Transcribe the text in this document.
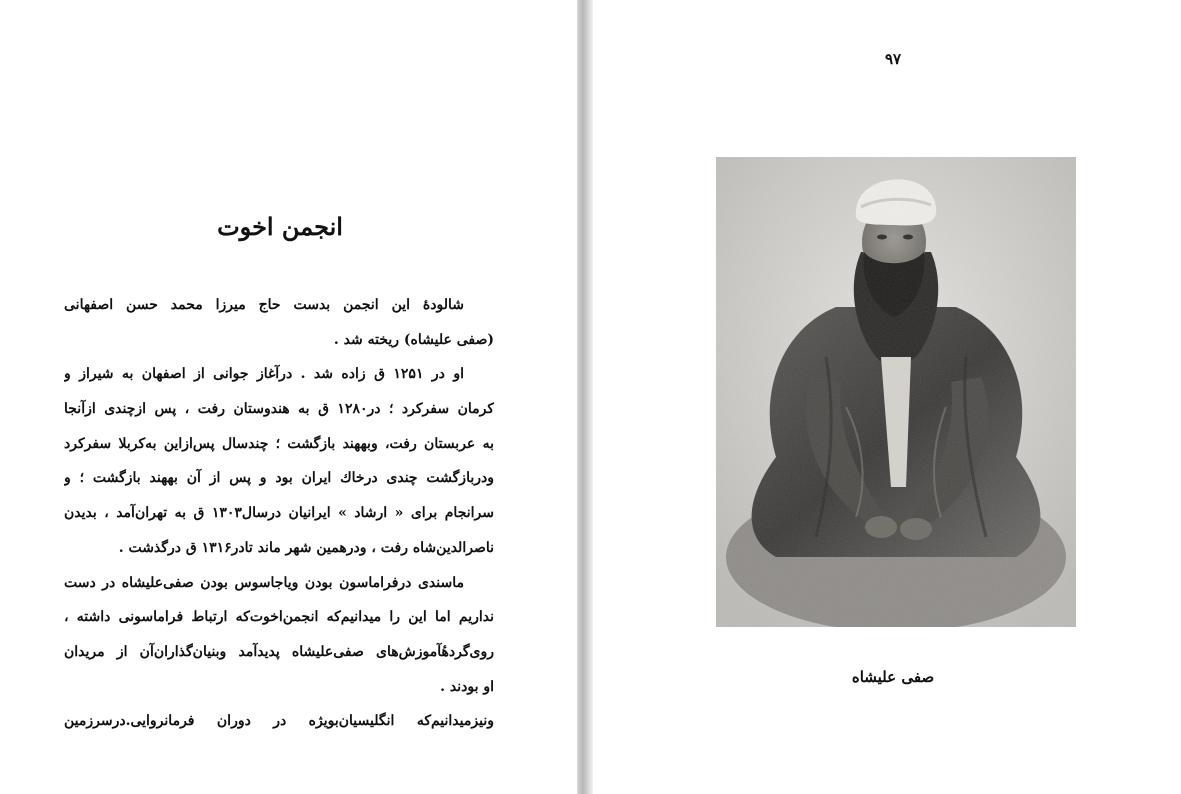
انجمن اخوت
شالودهٔ این انجمن بدست حاج میرزا محمد حسن اصفهانی
(صفی علیشاه) ریخته شد .
او در ۱۲۵۱ ق زاده شد . درآغاز جوانی از اصفهان به شیراز و
کرمان سفرکرد ؛ در۱۲۸۰ ق به هندوستان رفت ، پس ازچندی ازآنجا
به عربستان رفت، وبههند بازگشت ؛ چندسال پس‌ازاین به‌کربلا سفرکرد
ودربازگشت چندی درخاك ایران بود و پس از آن بههند بازگشت ؛ و
سرانجام برای « ارشاد » ایرانیان درسال۱۳۰۳ ق به تهران‌آمد ، بدیدن
ناصرالدین‌شاه رفت ، ودرهمین شهر ماند تادر۱۳۱۶ ق درگذشت .
ماسندی درفراماسون بودن ویاجاسوس بودن صفی‌علیشاه در دست
نداریم اما این را میدانیم‌که انجمن‌اخوت‌که ارتباط فراماسونی داشته ،
روی‌گردهٔآموزش‌های صفی‌علیشاه پدیدآمد وبنیان‌گذاران‌آن از مریدان
او بودند .
ونیزمیدانیم‌که انگلیسیان‌بویژه در دوران فرمانروایی.درسرزمین
۹۷
صفی علیشاه
